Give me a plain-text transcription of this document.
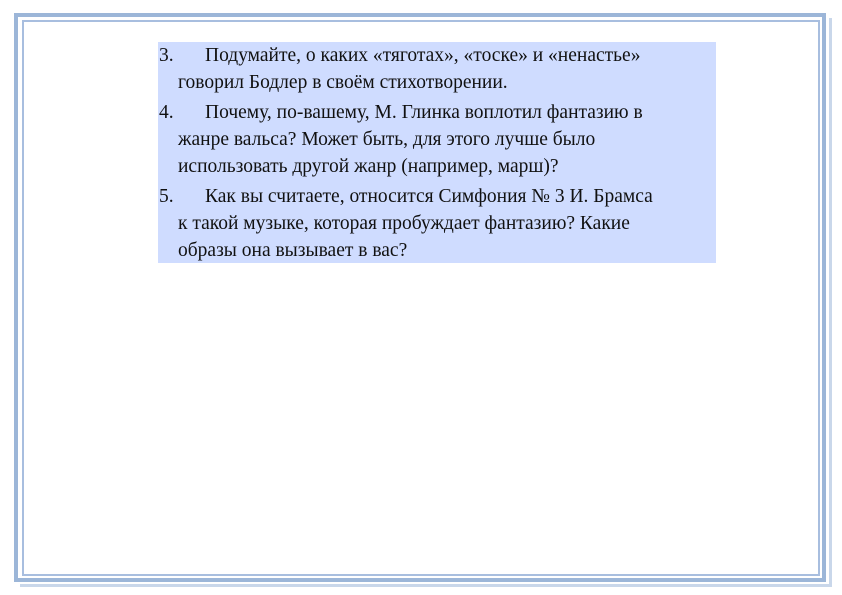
3.	Подумайте, о каких «тяготах», «тоске» и «ненастье»
говорил Бодлер в своём стихотворении.
4.	Почему, по-вашему, М. Глинка воплотил фантазию в
жанре вальса? Может быть, для этого лучше было
использовать другой жанр (например, марш)?
5.	Как вы считаете, относится Симфония № 3 И. Брамса
к такой музыке, которая пробуждает фантазию? Какие
образы она вызывает в вас?
